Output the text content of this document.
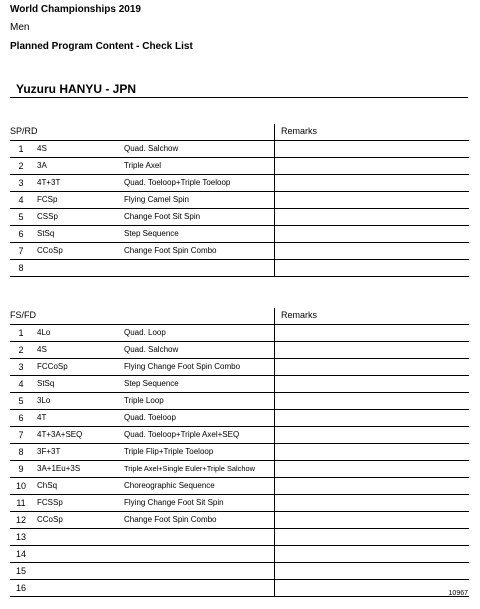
World Championships 2019
Men
Planned Program Content - Check List
Yuzuru HANYU - JPN
SP/RD	Remarks
1	4S	Quad. Salchow
2	3A	Triple Axel
3	4T+3T	Quad. Toeloop+Triple Toeloop
4	FCSp	Flying Camel Spin
5	CSSp	Change Foot Sit Spin
6	StSq	Step Sequence
7	CCoSp	Change Foot Spin Combo
8
FS/FD	Remarks
1	4Lo	Quad. Loop
2	4S	Quad. Salchow
3	FCCoSp	Flying Change Foot Spin Combo
4	StSq	Step Sequence
5	3Lo	Triple Loop
6	4T	Quad. Toeloop
7	4T+3A+SEQ	Quad. Toeloop+Triple Axel+SEQ
8	3F+3T	Triple Flip+Triple Toeloop
9	3A+1Eu+3S	Triple Axel+Single Euler+Triple Salchow
10	ChSq	Choreographic Sequence
11	FCSSp	Flying Change Foot Sit Spin
12	CCoSp	Change Foot Spin Combo
13
14
15
16
10967
